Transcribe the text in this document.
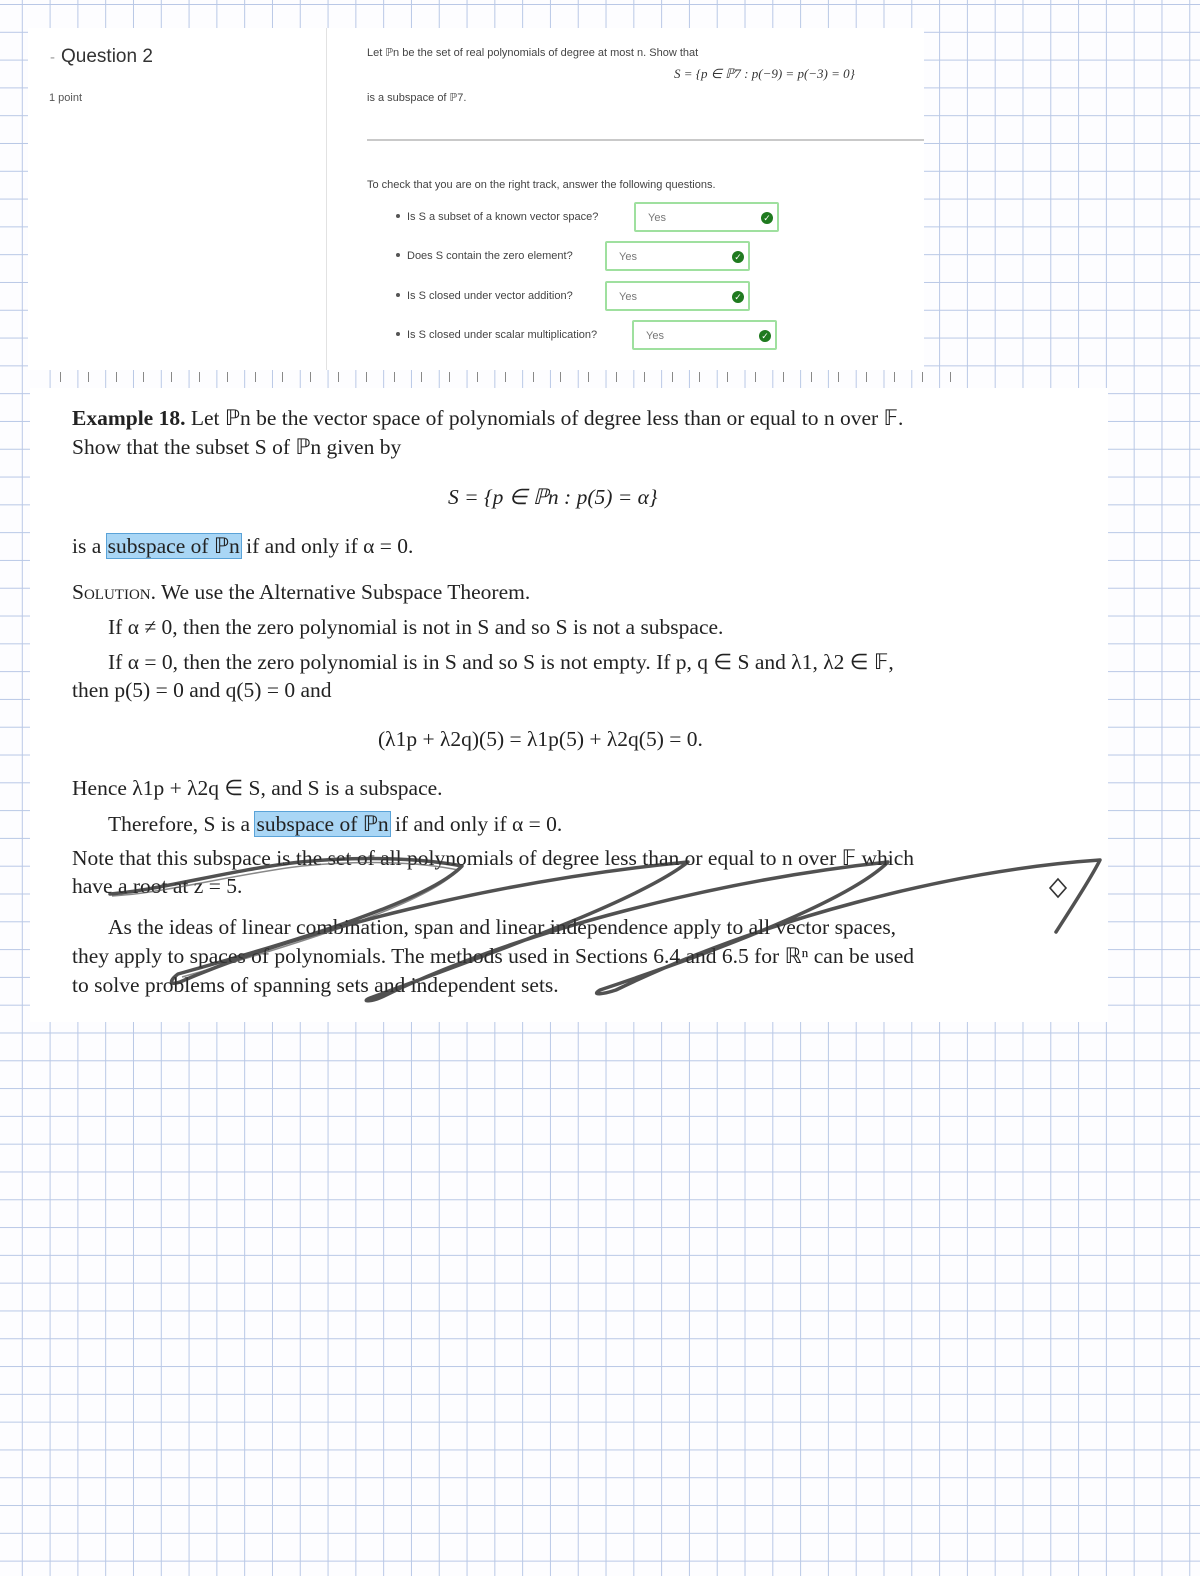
- Question 2
1 point
Let ℙn be the set of real polynomials of degree at most n. Show that
S = {p ∈ ℙ7 : p(−9) = p(−3) = 0}
is a subspace of ℙ7.
To check that you are on the right track, answer the following questions.
Is S a subset of a known vector space?	Yes	✓
Does S contain the zero element?	Yes	✓
Is S closed under vector addition?	Yes	✓
Is S closed under scalar multiplication?	Yes	✓
Example 18. Let ℙn be the vector space of polynomials of degree less than or equal to n over 𝔽.
Show that the subset S of ℙn given by
S = {p ∈ ℙn : p(5) = α}
is a subspace of ℙn if and only if α = 0.
Solution. We use the Alternative Subspace Theorem.
If α ≠ 0, then the zero polynomial is not in S and so S is not a subspace.
If α = 0, then the zero polynomial is in S and so S is not empty. If p, q ∈ S and λ1, λ2 ∈ 𝔽,
then p(5) = 0 and q(5) = 0 and
(λ1p + λ2q)(5) = λ1p(5) + λ2q(5) = 0.
Hence λ1p + λ2q ∈ S, and S is a subspace.
Therefore, S is a subspace of ℙn if and only if α = 0.
Note that this subspace is the set of all polynomials of degree less than or equal to n over 𝔽 which
have a root at z = 5.
As the ideas of linear combination, span and linear independence apply to all vector spaces,
they apply to spaces of polynomials. The methods used in Sections 6.4 and 6.5 for ℝⁿ can be used
to solve problems of spanning sets and independent sets.
